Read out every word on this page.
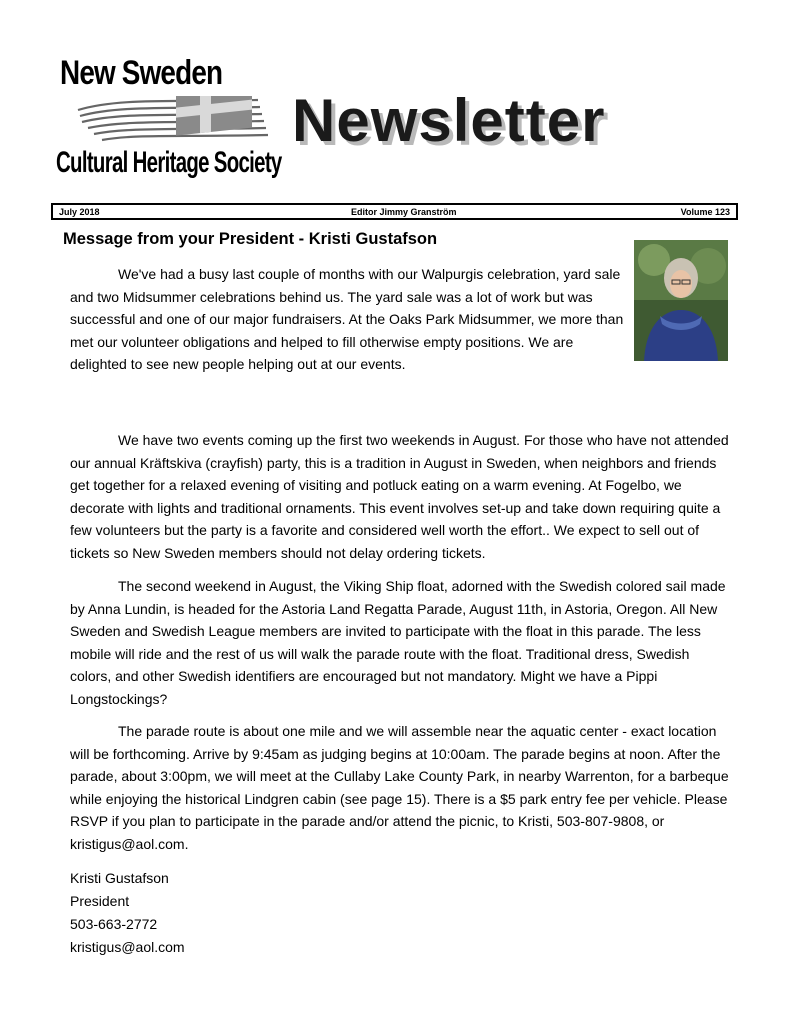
New Sweden
Cultural Heritage Society
Newsletter
July 2018	Editor Jimmy Granström	Volume 123
Message from your President - Kristi Gustafson

We've had a busy last couple of months with our Walpurgis celebration, yard sale and two Midsummer celebrations behind us. The yard sale was a lot of work but was successful and one of our major fundraisers. At the Oaks Park Midsummer, we more than met our volunteer obligations and helped to fill otherwise empty positions. We are delighted to see new people helping out at our events.

We have two events coming up the first two weekends in August. For those who have not attended our annual Kräftskiva (crayfish) party, this is a tradition in August in Sweden, when neighbors and friends get together for a relaxed evening of visiting and potluck eating on a warm evening. At Fogelbo, we decorate with lights and traditional ornaments. This event involves set-up and take down requiring quite a few volunteers but the party is a favorite and considered well worth the effort.. We expect to sell out of tickets so New Sweden members should not delay ordering tickets.

The second weekend in August, the Viking Ship float, adorned with the Swedish colored sail made by Anna Lundin, is headed for the Astoria Land Regatta Parade, August 11th, in Astoria, Oregon. All New Sweden and Swedish League members are invited to participate with the float in this parade. The less mobile will ride and the rest of us will walk the parade route with the float. Traditional dress, Swedish colors, and other Swedish identifiers are encouraged but not mandatory. Might we have a Pippi Longstockings?

The parade route is about one mile and we will assemble near the aquatic center - exact location will be forthcoming. Arrive by 9:45am as judging begins at 10:00am. The parade begins at noon. After the parade, about 3:00pm, we will meet at the Cullaby Lake County Park, in nearby Warrenton, for a barbeque while enjoying the historical Lindgren cabin (see page 15). There is a $5 park entry fee per vehicle. Please RSVP if you plan to participate in the parade and/or attend the picnic, to Kristi, 503-807-9808, or kristigus@aol.com.

Kristi Gustafson
President
503-663-2772
kristigus@aol.com
